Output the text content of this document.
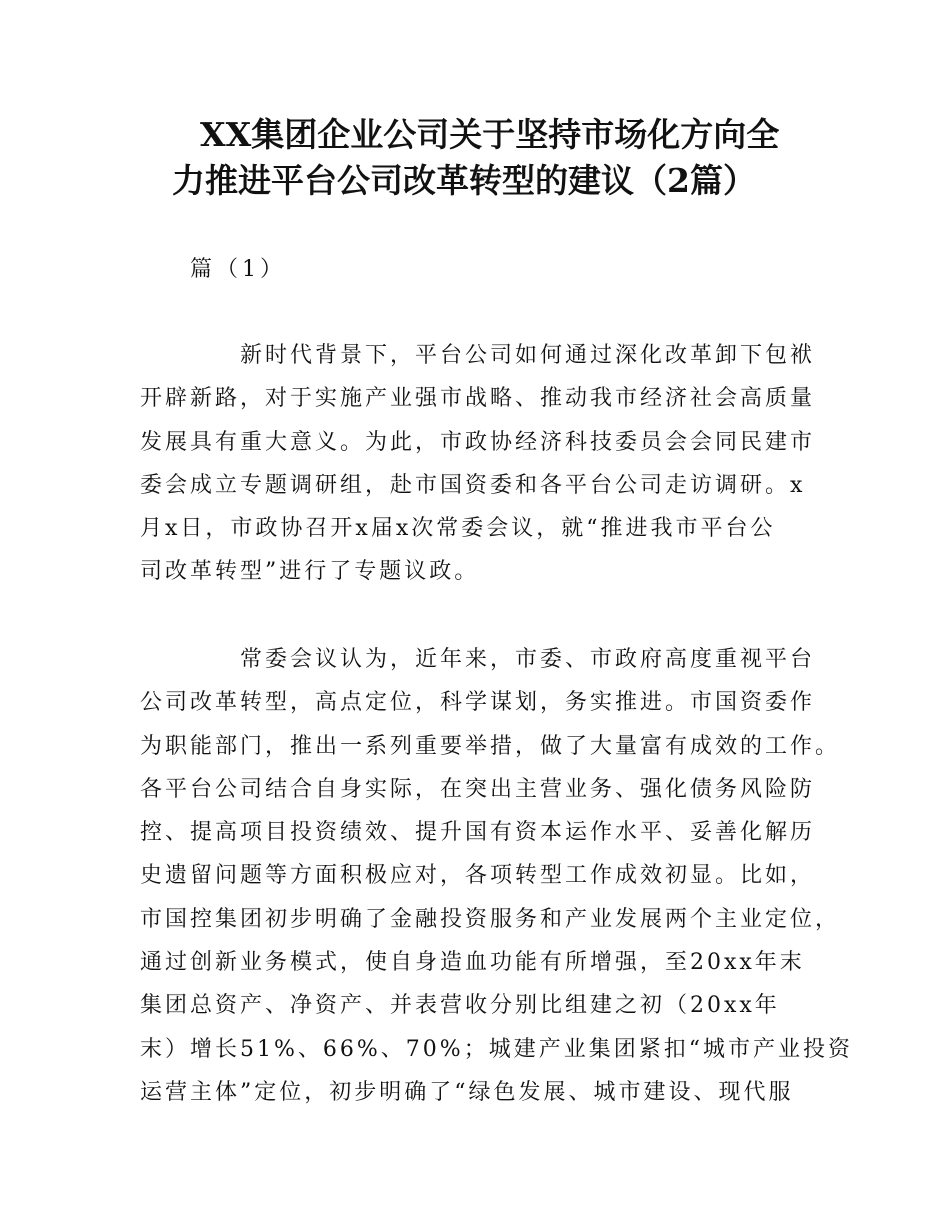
XX集团企业公司关于坚持市场化方向全
力推进平台公司改革转型的建议（2篇）
篇（1）
新时代背景下，平台公司如何通过深化改革卸下包袱
开辟新路，对于实施产业强市战略、推动我市经济社会高质量
发展具有重大意义。为此，市政协经济科技委员会会同民建市
委会成立专题调研组，赴市国资委和各平台公司走访调研。x
月x日，市政协召开x届x次常委会议，就“推进我市平台公
司改革转型”进行了专题议政。
常委会议认为，近年来，市委、市政府高度重视平台
公司改革转型，高点定位，科学谋划，务实推进。市国资委作
为职能部门，推出一系列重要举措，做了大量富有成效的工作。
各平台公司结合自身实际，在突出主营业务、强化债务风险防
控、提高项目投资绩效、提升国有资本运作水平、妥善化解历
史遗留问题等方面积极应对，各项转型工作成效初显。比如，
市国控集团初步明确了金融投资服务和产业发展两个主业定位，
通过创新业务模式，使自身造血功能有所增强，至20xx年末
集团总资产、净资产、并表营收分别比组建之初（20xx年
末）增长51%、66%、70%；城建产业集团紧扣“城市产业投资
运营主体”定位，初步明确了“绿色发展、城市建设、现代服
